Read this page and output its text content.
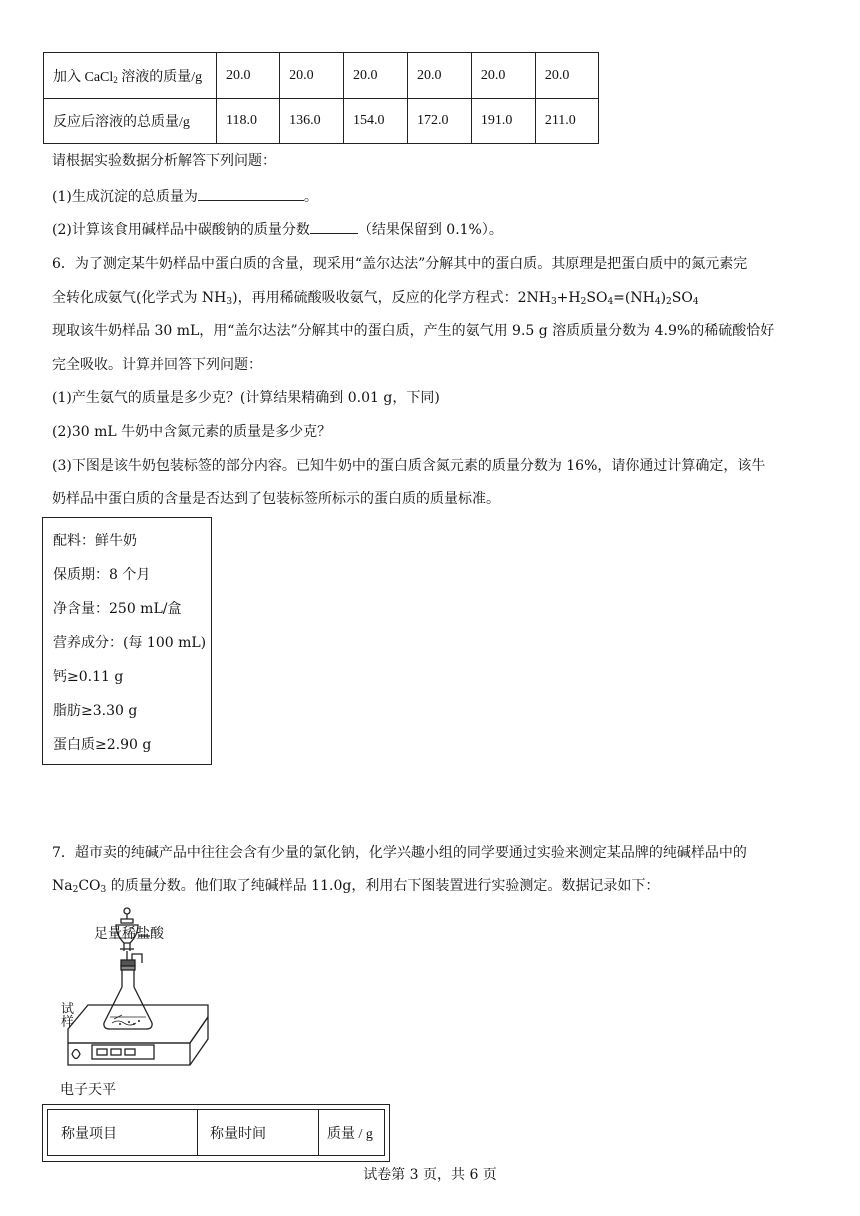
加入 CaCl$_2$ 溶液的质量/g	20.0	20.0	20.0	20.0	20.0	20.0
反应后溶液的总质量/g	118.0	136.0	154.0	172.0	191.0	211.0
请根据实验数据分析解答下列问题：
(1)生成沉淀的总质量为	。
(2)计算该食用碱样品中碳酸钠的质量分数	（结果保留到 0.1%）。
6．为了测定某牛奶样品中蛋白质的含量，现采用“盖尔达法”分解其中的蛋白质。其原理是把蛋白质中的氮元素完
全转化成氨气(化学式为 $NH_3$)，再用稀硫酸吸收氨气，反应的化学方程式：$2NH_3+H_2SO_4=(NH_4)_2SO_4$
现取该牛奶样品 30 mL，用“盖尔达法”分解其中的蛋白质，产生的氨气用 9.5 g 溶质质量分数为 4.9%的稀硫酸恰好
完全吸收。计算并回答下列问题：
(1)产生氨气的质量是多少克？(计算结果精确到 0.01 g，下同)
(2)30 mL 牛奶中含氮元素的质量是多少克？
(3)下图是该牛奶包装标签的部分内容。已知牛奶中的蛋白质含氮元素的质量分数为 16%，请你通过计算确定，该牛
奶样品中蛋白质的含量是否达到了包装标签所标示的蛋白质的质量标准。
配料：鲜牛奶
保质期：8 个月
净含量：250 mL/盒
营养成分：(每 100 mL)
钙≥0.11 g
脂肪≥3.30 g
蛋白质≥2.90 g
7．超市卖的纯碱产品中往往会含有少量的氯化钠，化学兴趣小组的同学要通过实验来测定某品牌的纯碱样品中的
$Na_2CO_3$ 的质量分数。他们取了纯碱样品 11.0g，利用右下图装置进行实验测定。数据记录如下：
足量稀盐酸
试
样
电子天平
称量项目	称量时间	质量 / g
试卷第 3 页，共 6 页
